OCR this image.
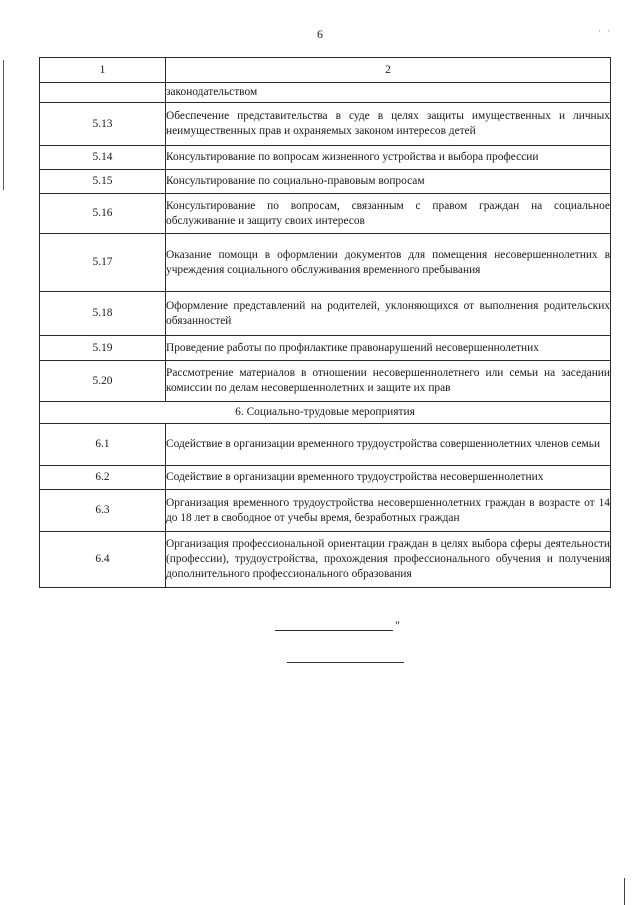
6	· ·
1	2
	законодательством
5.13	Обеспечение представительства в суде в целях защиты имущественных и личных неимущественных прав и охраняемых законом интересов детей
5.14	Консультирование по вопросам жизненного устройства и выбора профессии
5.15	Консультирование по социально-правовым вопросам
5.16	Консультирование по вопросам, связанным с правом граждан на социальное обслуживание и защиту своих интересов
5.17	Оказание помощи в оформлении документов для помещения несовершеннолетних в учреждения социального обслуживания временного пребывания
5.18	Оформление представлений на родителей, уклоняющихся от выполнения родительских обязанностей
5.19	Проведение работы по профилактике правонарушений несовершеннолетних
5.20	Рассмотрение материалов в отношении несовершеннолетнего или семьи на заседании комиссии по делам несовершеннолетних и защите их прав
6. Социально-трудовые мероприятия	
6.1	Содействие в организации временного трудоустройства совершеннолетних членов семьи
6.2	Содействие в организации временного трудоустройства несовершеннолетних
6.3	Организация временного трудоустройства несовершеннолетних граждан в возрасте от 14 до 18 лет в свободное от учебы время, безработных граждан
6.4	Организация профессиональной ориентации граждан в целях выбора сферы деятельности (профессии), трудоустройства, прохождения профессионального обучения и получения дополнительного профессионального образования
"
